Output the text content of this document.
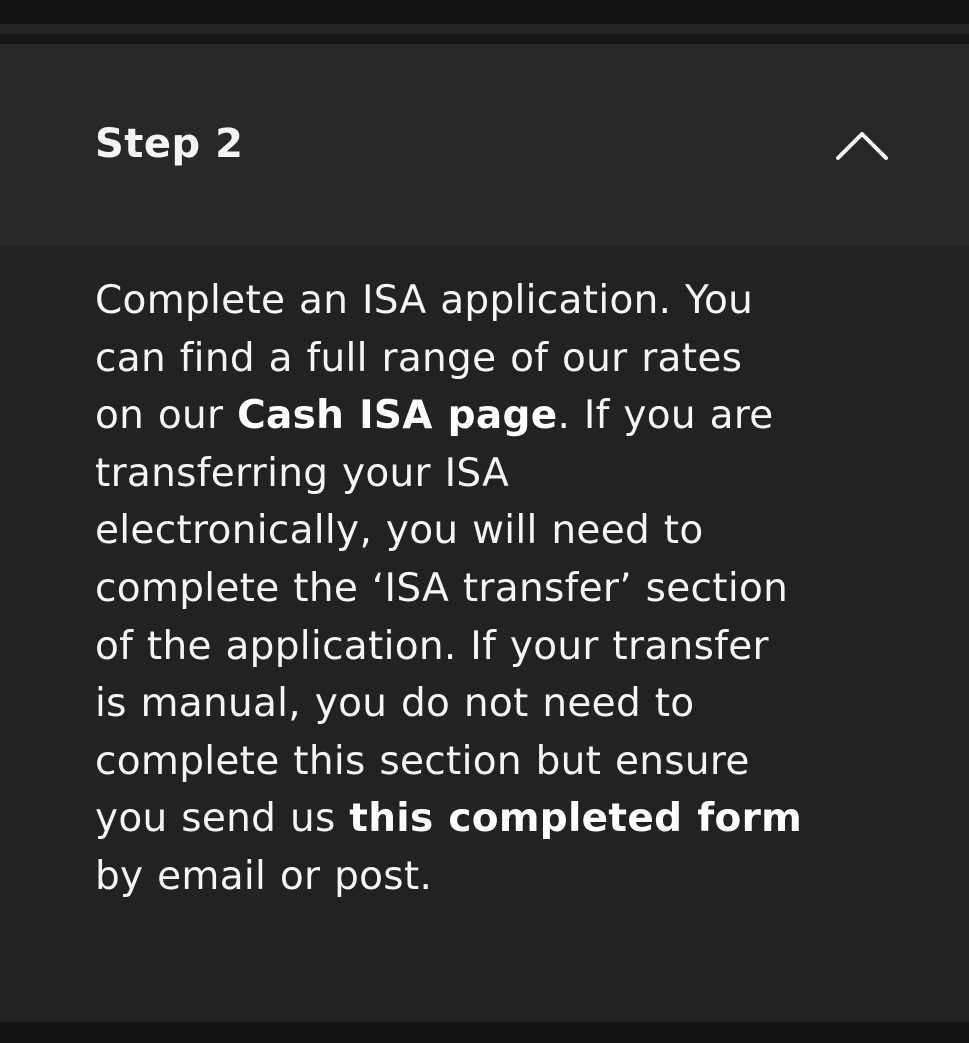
Step 2

Complete an ISA application. You
can find a full range of our rates
on our Cash ISA page. If you are
transferring your ISA
electronically, you will need to
complete the ‘ISA transfer’ section
of the application. If your transfer
is manual, you do not need to
complete this section but ensure
you send us this completed form
by email or post.
